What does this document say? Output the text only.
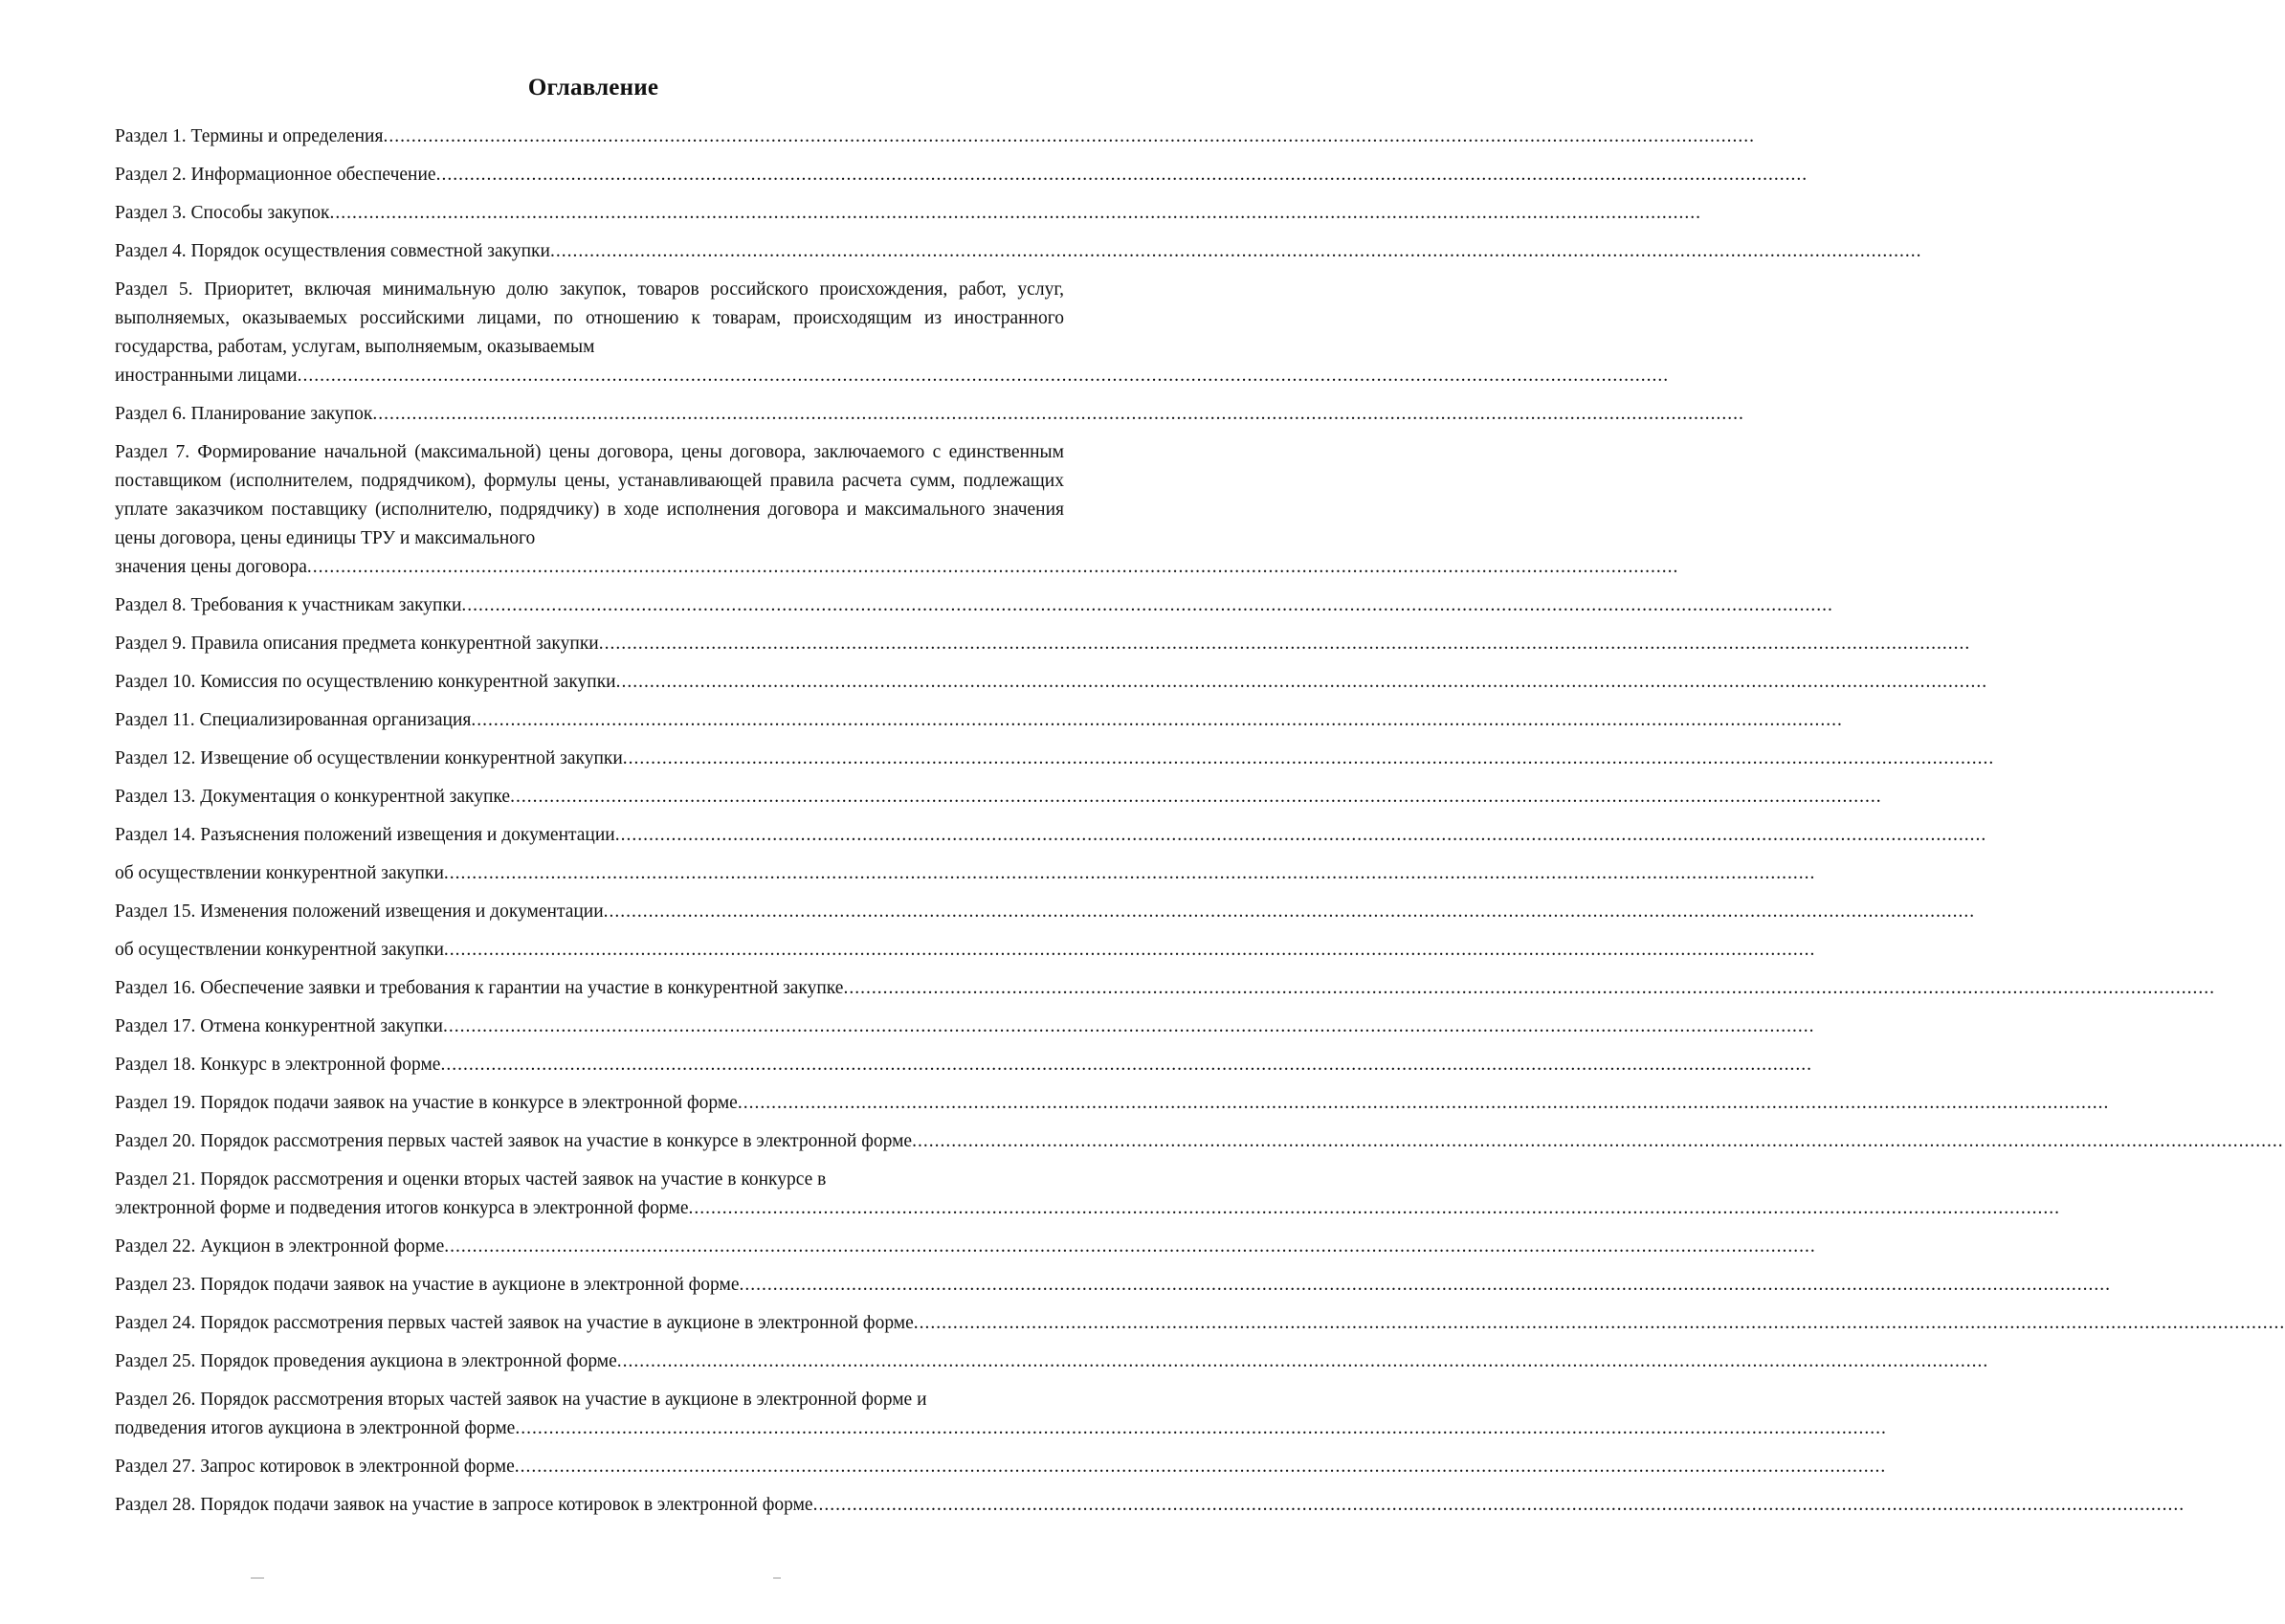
Оглавление
Раздел 1. Термины и определения ....................................................................................................................................................................................................................................................
Раздел 2. Информационное обеспечение ....................................................................................................................................................................................................................................................
Раздел 3. Способы закупок ....................................................................................................................................................................................................................................................
Раздел 4. Порядок осуществления совместной закупки ....................................................................................................................................................................................................................................................
Раздел 5. Приоритет, включая минимальную долю закупок, товаров российского происхождения, работ, услуг, выполняемых, оказываемых российскими лицами, по отношению к товарам, происходящим из иностранного государства, работам, услугам, выполняемым, оказываемым
иностранными лицами ....................................................................................................................................................................................................................................................
Раздел 6. Планирование закупок ....................................................................................................................................................................................................................................................
Раздел 7. Формирование начальной (максимальной) цены договора, цены договора, заключаемого с единственным поставщиком (исполнителем, подрядчиком), формулы цены, устанавливающей правила расчета сумм, подлежащих уплате заказчиком поставщику (исполнителю, подрядчику) в ходе исполнения договора и максимального значения цены договора, цены единицы ТРУ и максимального
значения цены договора ....................................................................................................................................................................................................................................................
Раздел 8. Требования к участникам закупки ....................................................................................................................................................................................................................................................
Раздел 9. Правила описания предмета конкурентной закупки ....................................................................................................................................................................................................................................................
Раздел 10. Комиссия по осуществлению конкурентной закупки ....................................................................................................................................................................................................................................................
Раздел 11. Специализированная организация ....................................................................................................................................................................................................................................................
Раздел 12. Извещение об осуществлении конкурентной закупки ....................................................................................................................................................................................................................................................
Раздел 13. Документация о конкурентной закупке ....................................................................................................................................................................................................................................................
Раздел 14. Разъяснения положений извещения и документации ....................................................................................................................................................................................................................................................
об осуществлении конкурентной закупки ....................................................................................................................................................................................................................................................
Раздел 15. Изменения положений извещения и документации ....................................................................................................................................................................................................................................................
об осуществлении конкурентной закупки ....................................................................................................................................................................................................................................................
Раздел 16. Обеспечение заявки и требования к гарантии на участие в конкурентной закупке ....................................................................................................................................................................................................................................................
Раздел 17. Отмена конкурентной закупки ....................................................................................................................................................................................................................................................
Раздел 18. Конкурс в электронной форме ....................................................................................................................................................................................................................................................
Раздел 19. Порядок подачи заявок на участие в конкурсе в электронной форме ....................................................................................................................................................................................................................................................
Раздел 20. Порядок рассмотрения первых частей заявок на участие в конкурсе в электронной форме ....................................................................................................................................................................................................................................................
Раздел 21. Порядок рассмотрения и оценки вторых частей заявок на участие в конкурсе в
электронной форме и подведения итогов конкурса в электронной форме ....................................................................................................................................................................................................................................................
Раздел 22. Аукцион в электронной форме ....................................................................................................................................................................................................................................................
Раздел 23. Порядок подачи заявок на участие в аукционе в электронной форме ....................................................................................................................................................................................................................................................
Раздел 24. Порядок рассмотрения первых частей заявок на участие в аукционе в электронной форме ....................................................................................................................................................................................................................................................
Раздел 25. Порядок проведения аукциона в электронной форме ....................................................................................................................................................................................................................................................
Раздел 26. Порядок рассмотрения вторых частей заявок на участие в аукционе в электронной форме и
подведения итогов аукциона в электронной форме ....................................................................................................................................................................................................................................................
Раздел 27. Запрос котировок в электронной форме ....................................................................................................................................................................................................................................................
Раздел 28. Порядок подачи заявок на участие в запросе котировок в электронной форме ....................................................................................................................................................................................................................................................
